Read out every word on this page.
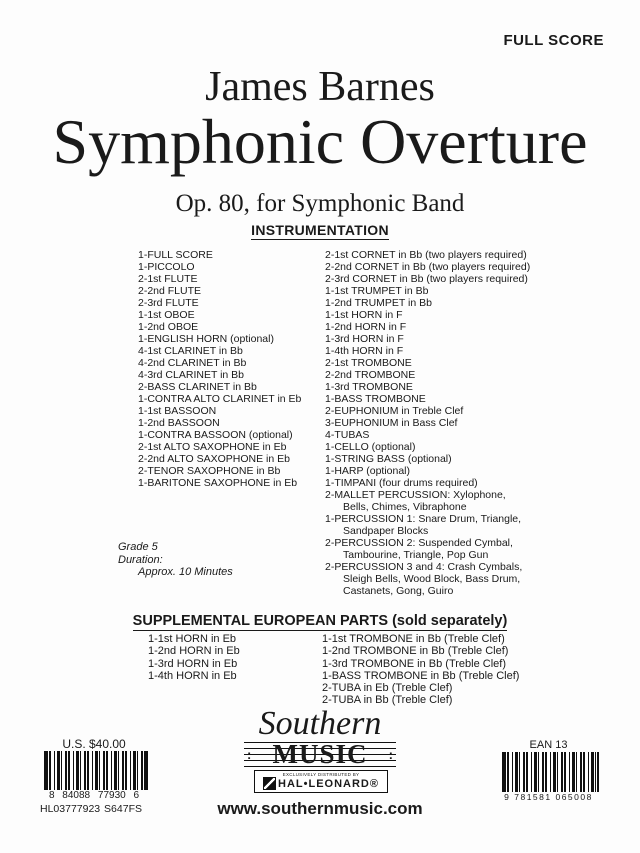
FULL SCORE
James Barnes
Symphonic Overture
Op. 80, for Symphonic Band
INSTRUMENTATION
1-FULL SCORE
1-PICCOLO
2-1st FLUTE
2-2nd FLUTE
2-3rd FLUTE
1-1st OBOE
1-2nd OBOE
1-ENGLISH HORN (optional)
4-1st CLARINET in Bb
4-2nd CLARINET in Bb
4-3rd CLARINET in Bb
2-BASS CLARINET in Bb
1-CONTRA ALTO CLARINET in Eb
1-1st BASSOON
1-2nd BASSOON
1-CONTRA BASSOON (optional)
2-1st ALTO SAXOPHONE in Eb
2-2nd ALTO SAXOPHONE in Eb
2-TENOR SAXOPHONE in Bb
1-BARITONE SAXOPHONE in Eb
2-1st CORNET in Bb (two players required)
2-2nd CORNET in Bb (two players required)
2-3rd CORNET in Bb (two players required)
1-1st TRUMPET in Bb
1-2nd TRUMPET in Bb
1-1st HORN in F
1-2nd HORN in F
1-3rd HORN in F
1-4th HORN in F
2-1st TROMBONE
2-2nd TROMBONE
1-3rd TROMBONE
1-BASS TROMBONE
2-EUPHONIUM in Treble Clef
3-EUPHONIUM in Bass Clef
4-TUBAS
1-CELLO (optional)
1-STRING BASS (optional)
1-HARP (optional)
1-TIMPANI (four drums required)
2-MALLET PERCUSSION: Xylophone,
Bells, Chimes, Vibraphone
1-PERCUSSION 1: Snare Drum, Triangle,
Sandpaper Blocks
2-PERCUSSION 2: Suspended Cymbal,
Tambourine, Triangle, Pop Gun
2-PERCUSSION 3 and 4: Crash Cymbals,
Sleigh Bells, Wood Block, Bass Drum,
Castanets, Gong, Guiro
Grade 5
Duration:
Approx. 10 Minutes
SUPPLEMENTAL EUROPEAN PARTS (sold separately)
1-1st HORN in Eb
1-2nd HORN in Eb
1-3rd HORN in Eb
1-4th HORN in Eb
1-1st TROMBONE in Bb (Treble Clef)
1-2nd TROMBONE in Bb (Treble Clef)
1-3rd TROMBONE in Bb (Treble Clef)
1-BASS TROMBONE in Bb (Treble Clef)
2-TUBA in Eb (Treble Clef)
2-TUBA in Bb (Treble Clef)
U.S. $40.00
8 84088 77930 6
HL03777923 S647FS
Southern
: MUSIC :
EXCLUSIVELY DISTRIBUTED BY
HAL•LEONARD®
www.southernmusic.com
EAN 13
9 781581 065008
